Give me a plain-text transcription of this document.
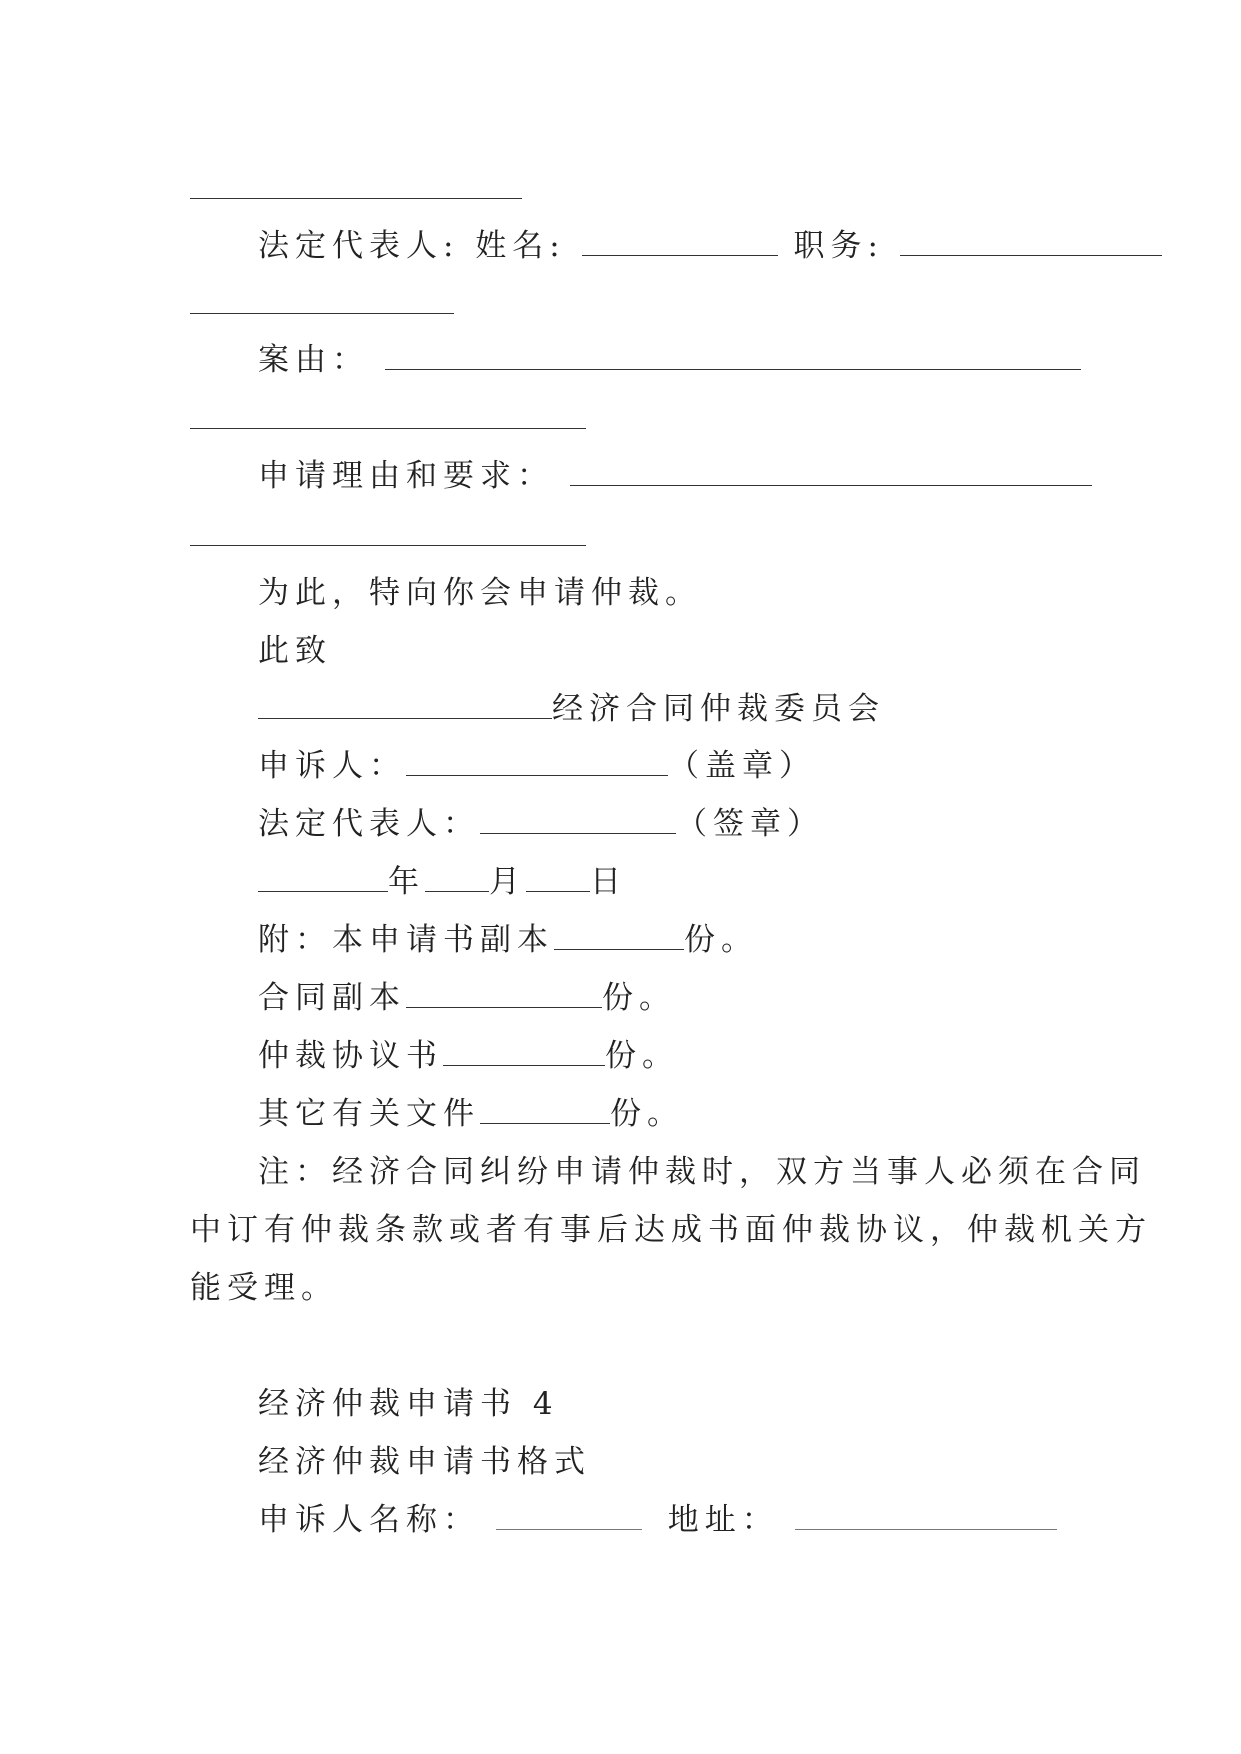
法定代表人: 姓名:	职务:
案由：
申请理由和要求：
为此，特向你会申请仲裁。
此致
经济合同仲裁委员会
申诉人：	（盖章）
法定代表人：	（签章）
年 月 日
附：本申请书副本	份。
合同副本	份。
仲裁协议书	份。
其它有关文件	份。
注：经济合同纠纷申请仲裁时，双方当事人必须在合同
中订有仲裁条款或者有事后达成书面仲裁协议，仲裁机关方
能受理。
经济仲裁申请书 4
经济仲裁申请书格式
申诉人名称：	地址：
